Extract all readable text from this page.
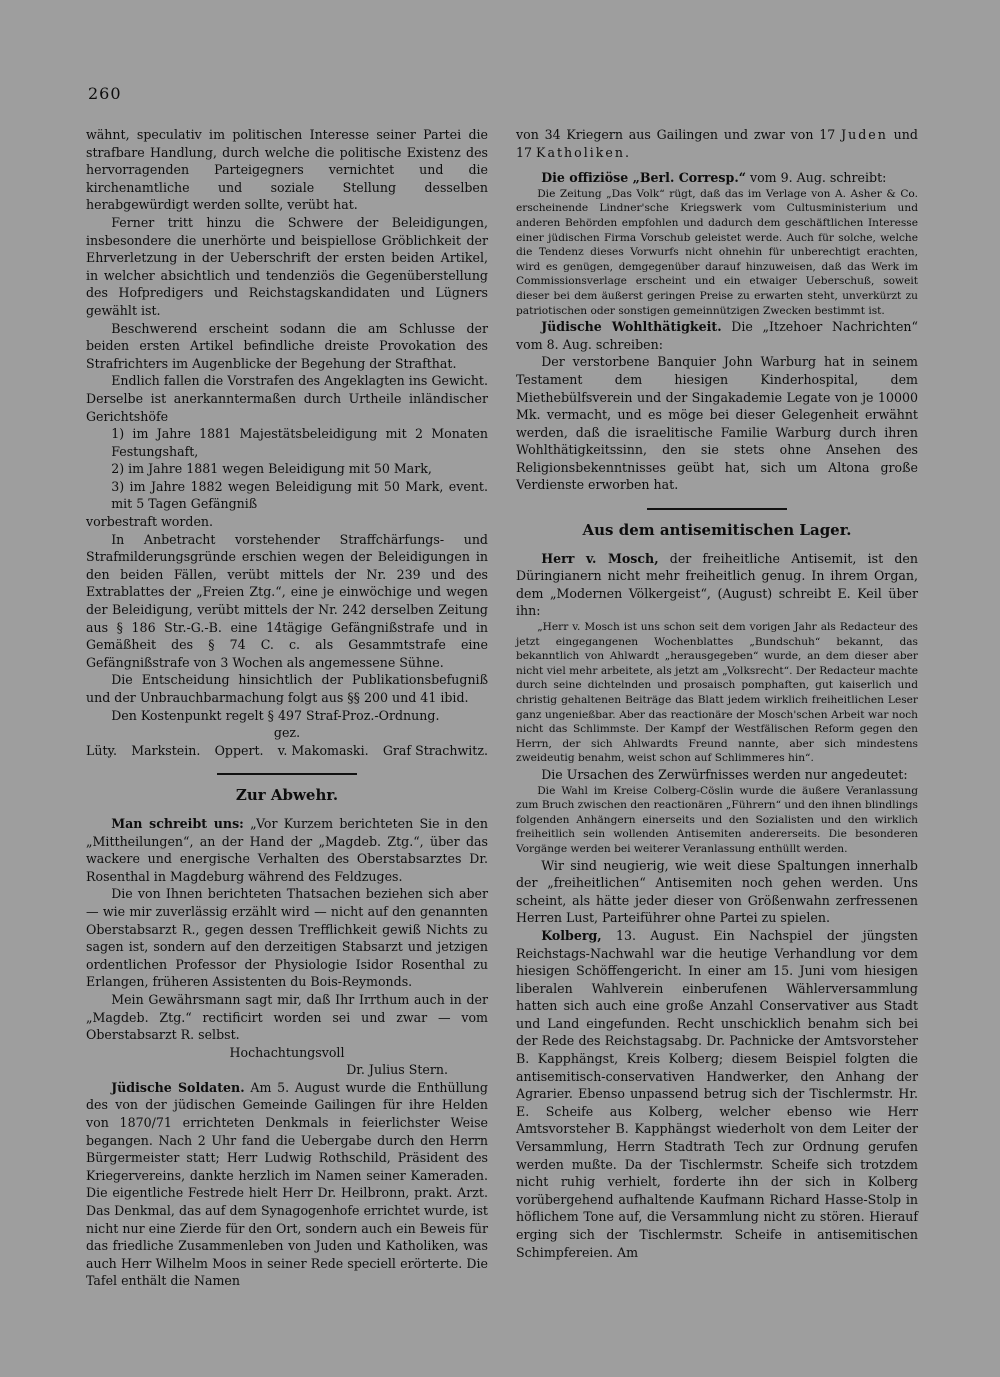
260

wähnt, speculativ im politischen Interesse seiner Partei die strafbare Handlung, durch welche die politische Existenz des hervorragenden Parteigegners vernichtet und die kirchenamtliche und soziale Stellung desselben herabgewürdigt werden sollte, verübt hat.

Ferner tritt hinzu die Schwere der Beleidigungen, insbesondere die unerhörte und beispiellose Gröblichkeit der Ehrverletzung in der Ueberschrift der ersten beiden Artikel, in welcher absichtlich und tendenziös die Gegenüberstellung des Hofpredigers und Reichstagskandidaten und Lügners gewählt ist.

Beschwerend erscheint sodann die am Schlusse der beiden ersten Artikel befindliche dreiste Provokation des Strafrichters im Augenblicke der Begehung der Strafthat.

Endlich fallen die Vorstrafen des Angeklagten ins Gewicht. Derselbe ist anerkanntermaßen durch Urtheile inländischer Gerichtshöfe

1) im Jahre 1881 Majestätsbeleidigung mit 2 Monaten Festungshaft,

2) im Jahre 1881 wegen Beleidigung mit 50 Mark,

3) im Jahre 1882 wegen Beleidigung mit 50 Mark, event. mit 5 Tagen Gefängniß

vorbestraft worden.

In Anbetracht vorstehender Straffchärfungs- und Strafmilderungsgründe erschien wegen der Beleidigungen in den beiden Fällen, verübt mittels der Nr. 239 und des Extrablattes der „Freien Ztg.“, eine je einwöchige und wegen der Beleidigung, verübt mittels der Nr. 242 derselben Zeitung aus § 186 Str.-G.-B. eine 14tägige Gefängnißstrafe und in Gemäßheit des § 74 C. c. als Gesammtstrafe eine Gefängnißstrafe von 3 Wochen als angemessene Sühne.

Die Entscheidung hinsichtlich der Publikationsbefugniß und der Unbrauchbarmachung folgt aus §§ 200 und 41 ibid.

Den Kostenpunkt regelt § 497 Straf-Proz.-Ordnung.

gez.

Lüty. Markstein. Oppert. v. Makomaski. Graf Strachwitz.
Zur Abwehr.

Man schreibt uns: „Vor Kurzem berichteten Sie in den „Mittheilungen“, an der Hand der „Magdeb. Ztg.“, über das wackere und energische Verhalten des Oberstabsarztes Dr. Rosenthal in Magdeburg während des Feldzuges.

Die von Ihnen berichteten Thatsachen beziehen sich aber — wie mir zuverlässig erzählt wird — nicht auf den genannten Oberstabsarzt R., gegen dessen Trefflichkeit gewiß Nichts zu sagen ist, sondern auf den derzeitigen Stabsarzt und jetzigen ordentlichen Professor der Physiologie Isidor Rosenthal zu Erlangen, früheren Assistenten du Bois-Reymonds.

Mein Gewährsmann sagt mir, daß Ihr Irrthum auch in der „Magdeb. Ztg.“ rectificirt worden sei und zwar — vom Oberstabsarzt R. selbst.

Hochachtungsvoll

Dr. Julius Stern.

Jüdische Soldaten. Am 5. August wurde die Enthüllung des von der jüdischen Gemeinde Gailingen für ihre Helden von 1870/71 errichteten Denkmals in feierlichster Weise begangen. Nach 2 Uhr fand die Uebergabe durch den Herrn Bürgermeister statt; Herr Ludwig Rothschild, Präsident des Kriegervereins, dankte herzlich im Namen seiner Kameraden. Die eigentliche Festrede hielt Herr Dr. Heilbronn, prakt. Arzt. Das Denkmal, das auf dem Synagogenhofe errichtet wurde, ist nicht nur eine Zierde für den Ort, sondern auch ein Beweis für das friedliche Zusammenleben von Juden und Katholiken, was auch Herr Wilhelm Moos in seiner Rede speciell erörterte. Die Tafel enthält die Namen

von 34 Kriegern aus Gailingen und zwar von 17 Juden und 17 Katholiken.

Die offiziöse „Berl. Corresp.“ vom 9. Aug. schreibt:

Die Zeitung „Das Volk“ rügt, daß das im Verlage von A. Asher & Co. erscheinende Lindner'sche Kriegswerk vom Cultusministerium und anderen Behörden empfohlen und dadurch dem geschäftlichen Interesse einer jüdischen Firma Vorschub geleistet werde. Auch für solche, welche die Tendenz dieses Vorwurfs nicht ohnehin für unberechtigt erachten, wird es genügen, demgegenüber darauf hinzuweisen, daß das Werk im Commissionsverlage erscheint und ein etwaiger Ueberschuß, soweit dieser bei dem äußerst geringen Preise zu erwarten steht, unverkürzt zu patriotischen oder sonstigen gemeinnützigen Zwecken bestimmt ist.

Jüdische Wohlthätigkeit. Die „Itzehoer Nachrichten“ vom 8. Aug. schreiben:

Der verstorbene Banquier John Warburg hat in seinem Testament dem hiesigen Kinderhospital, dem Miethebülfsverein und der Singakademie Legate von je 10000 Mk. vermacht, und es möge bei dieser Gelegenheit erwähnt werden, daß die israelitische Familie Warburg durch ihren Wohlthätigkeitssinn, den sie stets ohne Ansehen des Religionsbekenntnisses geübt hat, sich um Altona große Verdienste erworben hat.

Aus dem antisemitischen Lager.

Herr v. Mosch, der freiheitliche Antisemit, ist den Düringianern nicht mehr freiheitlich genug. In ihrem Organ, dem „Modernen Völkergeist“, (August) schreibt E. Keil über ihn:

„Herr v. Mosch ist uns schon seit dem vorigen Jahr als Redacteur des jetzt eingegangenen Wochenblattes „Bundschuh“ bekannt, das bekanntlich von Ahlwardt „herausgegeben“ wurde, an dem dieser aber nicht viel mehr arbeitete, als jetzt am „Volksrecht“. Der Redacteur machte durch seine dichtelnden und prosaisch pomphaften, gut kaiserlich und christig gehaltenen Beiträge das Blatt jedem wirklich freiheitlichen Leser ganz ungenießbar. Aber das reactionäre der Mosch'schen Arbeit war noch nicht das Schlimmste. Der Kampf der Westfälischen Reform gegen den Herrn, der sich Ahlwardts Freund nannte, aber sich mindestens zweideutig benahm, weist schon auf Schlimmeres hin“.

Die Ursachen des Zerwürfnisses werden nur angedeutet:

Die Wahl im Kreise Colberg-Cöslin wurde die äußere Veranlassung zum Bruch zwischen den reactionären „Führern“ und den ihnen blindlings folgenden Anhängern einerseits und den Sozialisten und den wirklich freiheitlich sein wollenden Antisemiten andererseits. Die besonderen Vorgänge werden bei weiterer Veranlassung enthüllt werden.

Wir sind neugierig, wie weit diese Spaltungen innerhalb der „freiheitlichen“ Antisemiten noch gehen werden. Uns scheint, als hätte jeder dieser von Größenwahn zerfressenen Herren Lust, Parteiführer ohne Partei zu spielen.

Kolberg, 13. August. Ein Nachspiel der jüngsten Reichstags-Nachwahl war die heutige Verhandlung vor dem hiesigen Schöffengericht. In einer am 15. Juni vom hiesigen liberalen Wahlverein einberufenen Wählerversammlung hatten sich auch eine große Anzahl Conservativer aus Stadt und Land eingefunden. Recht unschicklich benahm sich bei der Rede des Reichstagsabg. Dr. Pachnicke der Amtsvorsteher B. Kapphängst, Kreis Kolberg; diesem Beispiel folgten die antisemitisch-conservativen Handwerker, den Anhang der Agrarier. Ebenso unpassend betrug sich der Tischlermstr. Hr. E. Scheife aus Kolberg, welcher ebenso wie Herr Amtsvorsteher B. Kapphängst wiederholt von dem Leiter der Versammlung, Herrn Stadtrath Tech zur Ordnung gerufen werden mußte. Da der Tischlermstr. Scheife sich trotzdem nicht ruhig verhielt, forderte ihn der sich in Kolberg vorübergehend aufhaltende Kaufmann Richard Hasse-Stolp in höflichem Tone auf, die Versammlung nicht zu stören. Hierauf erging sich der Tischlermstr. Scheife in antisemitischen Schimpfereien. Am
